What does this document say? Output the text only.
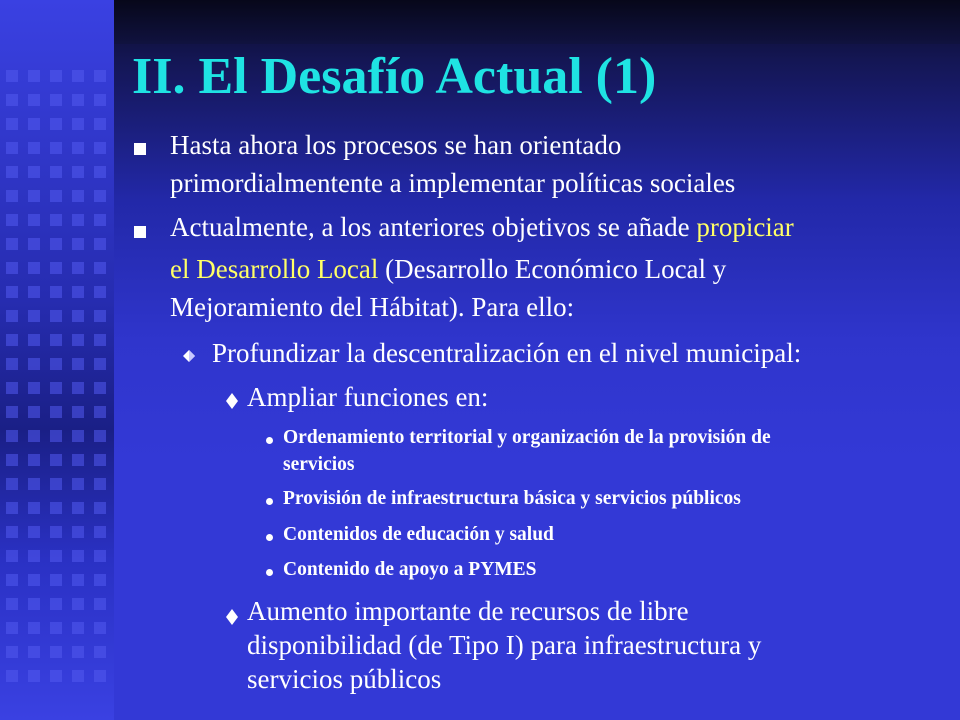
II. El Desafío Actual (1)
Hasta ahora los procesos se han orientado
primordialmentente a implementar políticas sociales
Actualmente, a los anteriores objetivos se añade propiciar
el Desarrollo Local (Desarrollo Económico Local y
Mejoramiento del Hábitat). Para ello:
Profundizar la descentralización en el nivel municipal:
Ampliar funciones en:
Ordenamiento territorial y organización de la provisión de
servicios
Provisión de infraestructura básica y servicios públicos
Contenidos de educación y salud
Contenido de apoyo a PYMES
Aumento importante de recursos de libre
disponibilidad (de Tipo I) para infraestructura y
servicios públicos
